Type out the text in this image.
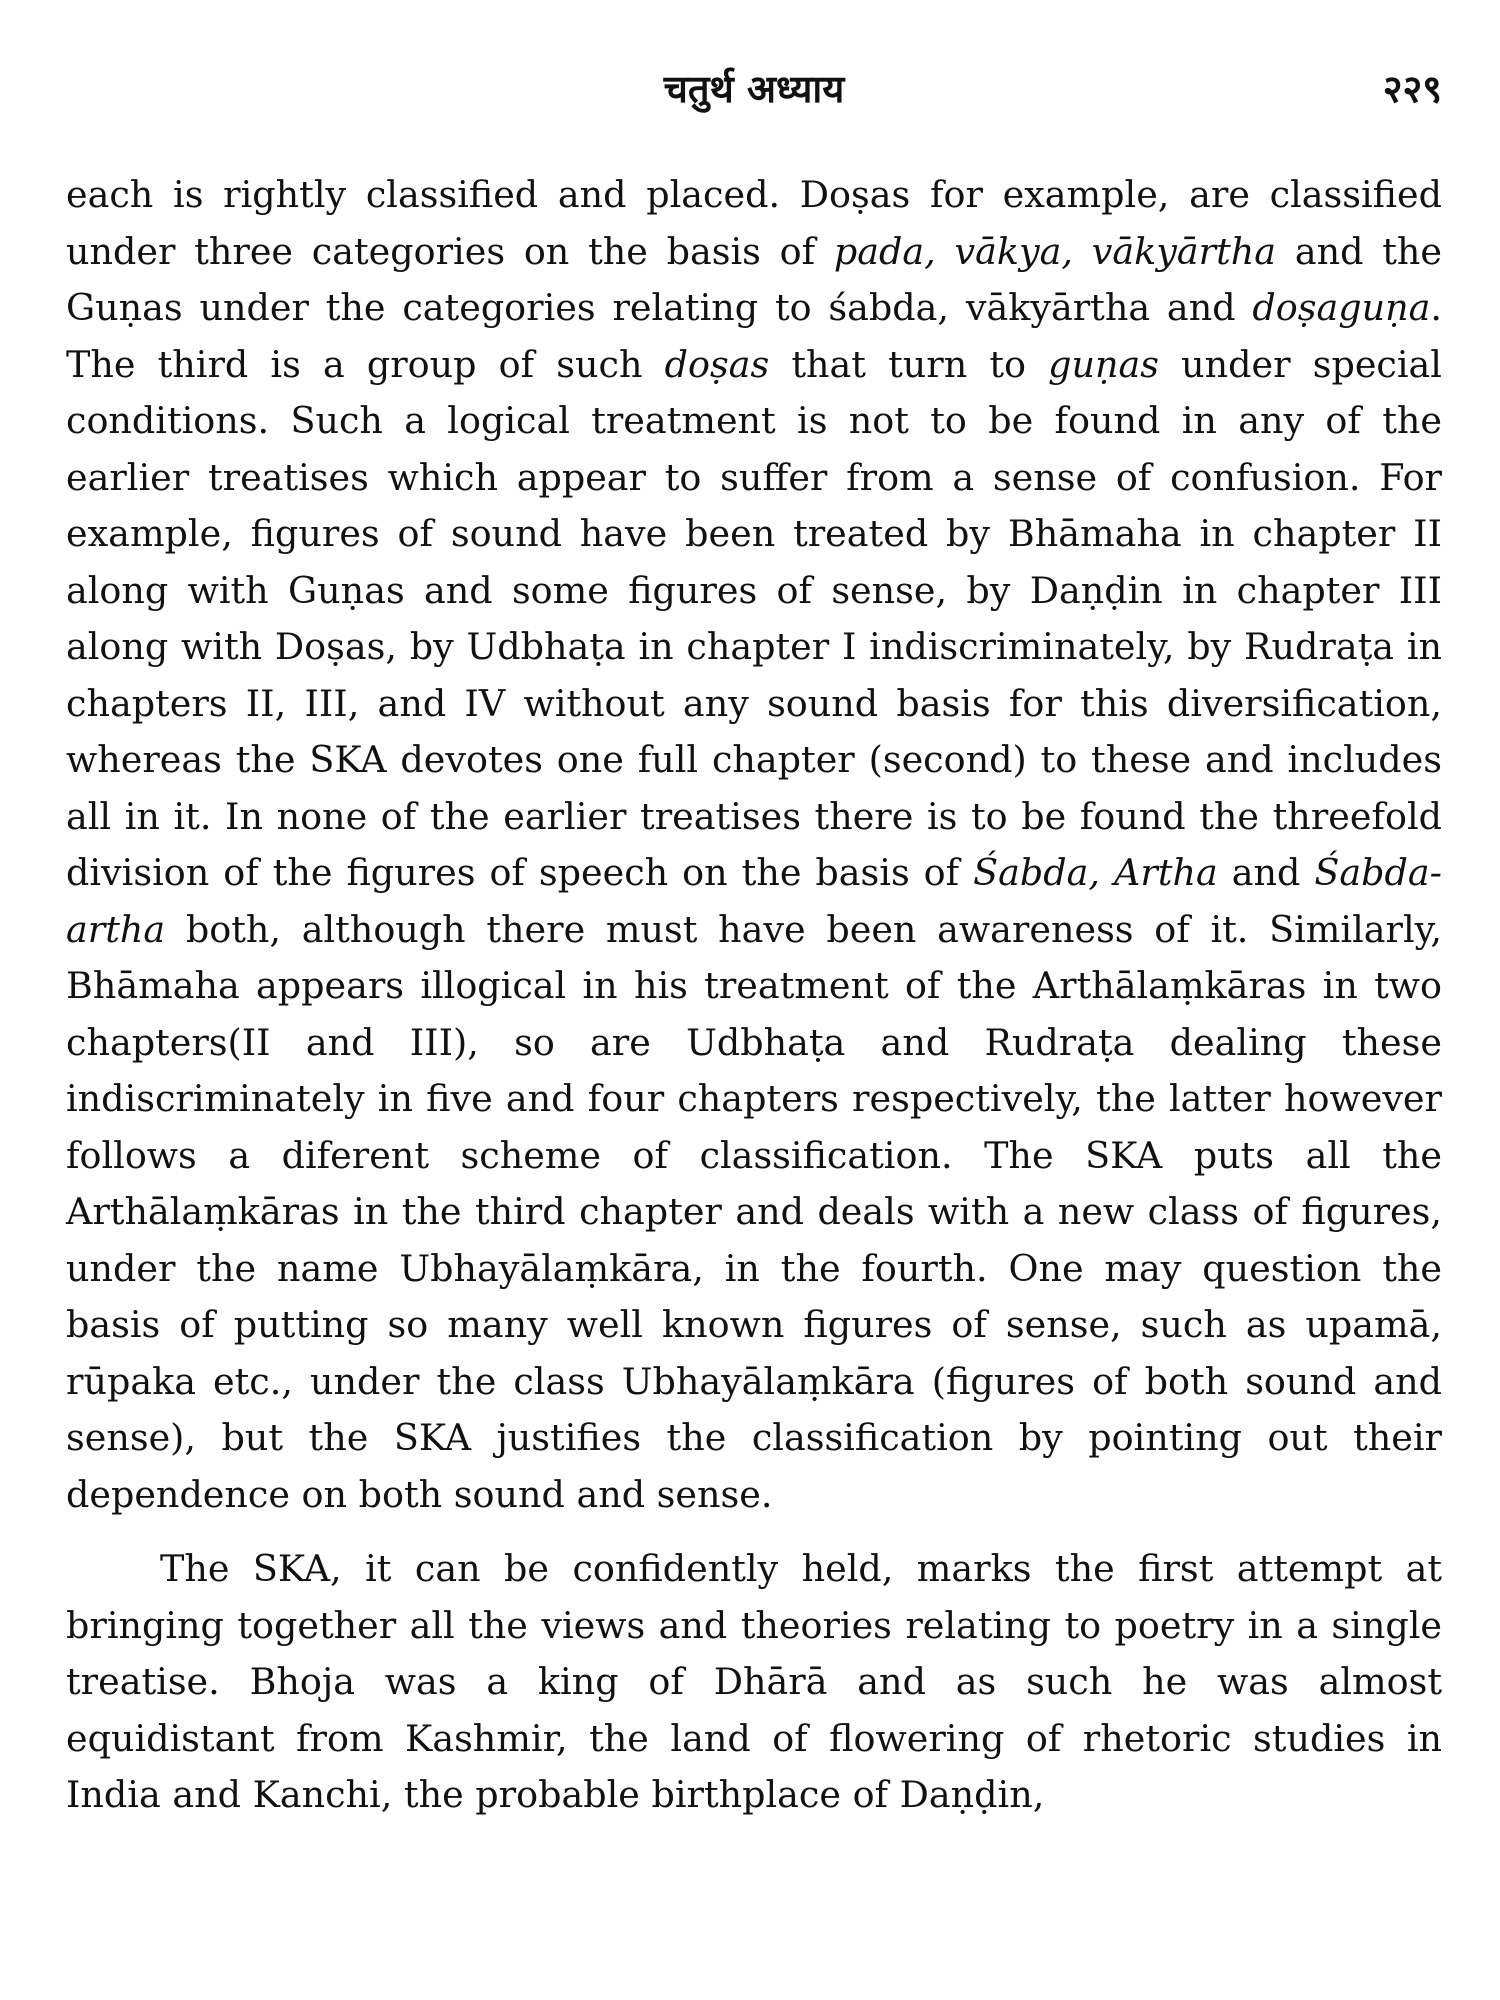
चतुर्थ अध्याय	२२९

each is rightly classified and placed. Doṣas for example, are classified under three categories on the basis of pada, vākya, vākyārtha and the Guṇas under the categories relating to śabda, vākyārtha and doṣaguṇa. The third is a group of such doṣas that turn to guṇas under special conditions. Such a logical treatment is not to be found in any of the earlier treatises which appear to suffer from a sense of confusion. For example, figures of sound have been treated by Bhāmaha in chapter II along with Guṇas and some figures of sense, by Daṇḍin in chapter III along with Doṣas, by Udbhaṭa in chapter I indiscriminately, by Rudraṭa in chapters II, III, and IV without any sound basis for this diversification, whereas the SKA devotes one full chapter (second) to these and includes all in it. In none of the earlier treatises there is to be found the threefold division of the figures of speech on the basis of Śabda, Artha and Śabda-artha both, although there must have been awareness of it. Similarly, Bhāmaha appears illogical in his treatment of the Arthālaṃkāras in two chapters(II and III), so are Udbhaṭa and Rudraṭa dealing these indiscriminately in five and four chapters respectively, the latter however follows a diferent scheme of classification. The SKA puts all the Arthālaṃkāras in the third chapter and deals with a new class of figures, under the name Ubhayālaṃkāra, in the fourth. One may question the basis of putting so many well known figures of sense, such as upamā, rūpaka etc., under the class Ubhayālaṃkāra (figures of both sound and sense), but the SKA justifies the classification by pointing out their dependence on both sound and sense.

The SKA, it can be confidently held, marks the first attempt at bringing together all the views and theories relating to poetry in a single treatise. Bhoja was a king of Dhārā and as such he was almost equidistant from Kashmir, the land of flowering of rhetoric studies in India and Kanchi, the probable birthplace of Daṇḍin,
